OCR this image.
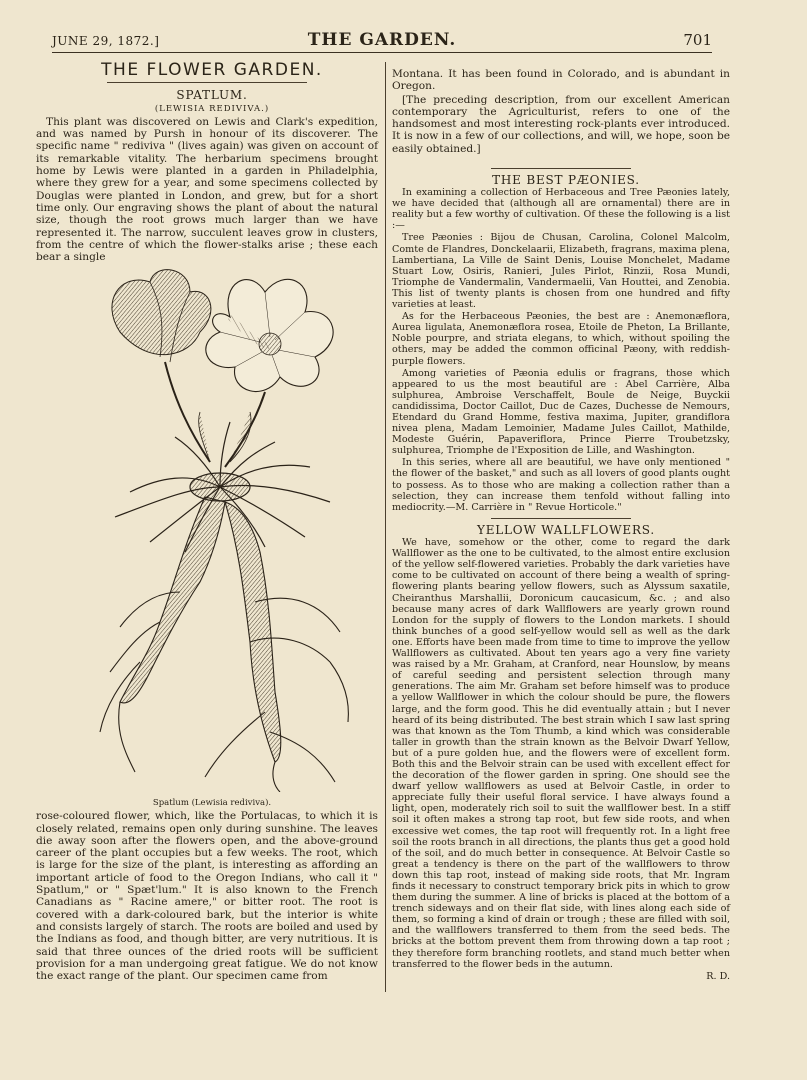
JUNE 29, 1872.]	THE GARDEN.	701

THE FLOWER GARDEN.

SPATLUM.

(LEWISIA REDIVIVA.)

This plant was discovered on Lewis and Clark's expedition, and was named by Pursh in honour of its discoverer. The specific name " rediviva " (lives again) was given on account of its remarkable vitality. The herbarium specimens brought home by Lewis were planted in a garden in Philadelphia, where they grew for a year, and some specimens collected by Douglas were planted in London, and grew, but for a short time only. Our engraving shows the plant of about the natural size, though the root grows much larger than we have represented it. The narrow, succulent leaves grow in clusters, from the centre of which the flower-stalks arise ; these each bear a single

Spatlum (Lewisia rediviva).

rose-coloured flower, which, like the Portulacas, to which it is closely related, remains open only during sunshine. The leaves die away soon after the flowers open, and the above-ground career of the plant occupies but a few weeks. The root, which is large for the size of the plant, is interesting as affording an important article of food to the Oregon Indians, who call it " Spatlum," or " Spæt'lum." It is also known to the French Canadians as " Racine amere," or bitter root. The root is covered with a dark-coloured bark, but the interior is white and consists largely of starch. The roots are boiled and used by the Indians as food, and though bitter, are very nutritious. It is said that three ounces of the dried roots will be sufficient provision for a man undergoing great fatigue. We do not know the exact range of the plant. Our specimen came from

Montana. It has been found in Colorado, and is abundant in Oregon.

[The preceding description, from our excellent American contemporary the Agriculturist, refers to one of the handsomest and most interesting rock-plants ever introduced. It is now in a few of our collections, and will, we hope, soon be easily obtained.]

THE BEST PÆONIES.

In examining a collection of Herbaceous and Tree Pæonies lately, we have decided that (although all are ornamental) there are in reality but a few worthy of cultivation. Of these the following is a list :—

Tree Pæonies : Bijou de Chusan, Carolina, Colonel Malcolm, Comte de Flandres, Donckelaarii, Elizabeth, fragrans, maxima plena, Lambertiana, La Ville de Saint Denis, Louise Monchelet, Madame Stuart Low, Osiris, Ranieri, Jules Pirlot, Rinzii, Rosa Mundi, Triomphe de Vandermalin, Vandermaelii, Van Houttei, and Zenobia. This list of twenty plants is chosen from one hundred and fifty varieties at least.

As for the Herbaceous Pæonies, the best are : Anemonæflora, Aurea ligulata, Anemonæflora rosea, Etoile de Pheton, La Brillante, Noble pourpre, and striata elegans, to which, without spoiling the others, may be added the common officinal Pæony, with reddish-purple flowers.

Among varieties of Pæonia edulis or fragrans, those which appeared to us the most beautiful are : Abel Carrière, Alba sulphurea, Ambroise Verschaffelt, Boule de Neige, Buyckii candidissima, Doctor Caillot, Duc de Cazes, Duchesse de Nemours, Etendard du Grand Homme, festiva maxima, Jupiter, grandiflora nivea plena, Madam Lemoinier, Madame Jules Caillot, Mathilde, Modeste Guérin, Papaveriflora, Prince Pierre Troubetzsky, sulphurea, Triomphe de l'Exposition de Lille, and Washington.

In this series, where all are beautiful, we have only mentioned " the flower of the basket," and such as all lovers of good plants ought to possess. As to those who are making a collection rather than a selection, they can increase them tenfold without falling into mediocrity.—M. Carrière in " Revue Horticole."

YELLOW WALLFLOWERS.

We have, somehow or the other, come to regard the dark Wallflower as the one to be cultivated, to the almost entire exclusion of the yellow self-flowered varieties. Probably the dark varieties have come to be cultivated on account of there being a wealth of spring-flowering plants bearing yellow flowers, such as Alyssum saxatile, Cheiranthus Marshallii, Doronicum caucasicum, &c. ; and also because many acres of dark Wallflowers are yearly grown round London for the supply of flowers to the London markets. I should think bunches of a good self-yellow would sell as well as the dark one. Efforts have been made from time to time to improve the yellow Wallflowers as cultivated. About ten years ago a very fine variety was raised by a Mr. Graham, at Cranford, near Hounslow, by means of careful seeding and persistent selection through many generations. The aim Mr. Graham set before himself was to produce a yellow Wallflower in which the colour should be pure, the flowers large, and the form good. This he did eventually attain ; but I never heard of its being distributed. The best strain which I saw last spring was that known as the Tom Thumb, a kind which was considerable taller in growth than the strain known as the Belvoir Dwarf Yellow, but of a pure golden hue, and the flowers were of excellent form. Both this and the Belvoir strain can be used with excellent effect for the decoration of the flower garden in spring. One should see the dwarf yellow wallflowers as used at Belvoir Castle, in order to appreciate fully their useful floral service. I have always found a light, open, moderately rich soil to suit the wallflower best. In a stiff soil it often makes a strong tap root, but few side roots, and when excessive wet comes, the tap root will frequently rot. In a light free soil the roots branch in all directions, the plants thus get a good hold of the soil, and do much better in consequence. At Belvoir Castle so great a tendency is there on the part of the wallflowers to throw down this tap root, instead of making side roots, that Mr. Ingram finds it necessary to construct temporary brick pits in which to grow them during the summer. A line of bricks is placed at the bottom of a trench sideways and on their flat side, with lines along each side of them, so forming a kind of drain or trough ; these are filled with soil, and the wallflowers transferred to them from the seed beds. The bricks at the bottom prevent them from throwing down a tap root ; they therefore form branching rootlets, and stand much better when transferred to the flower beds in the autumn.

R. D.
